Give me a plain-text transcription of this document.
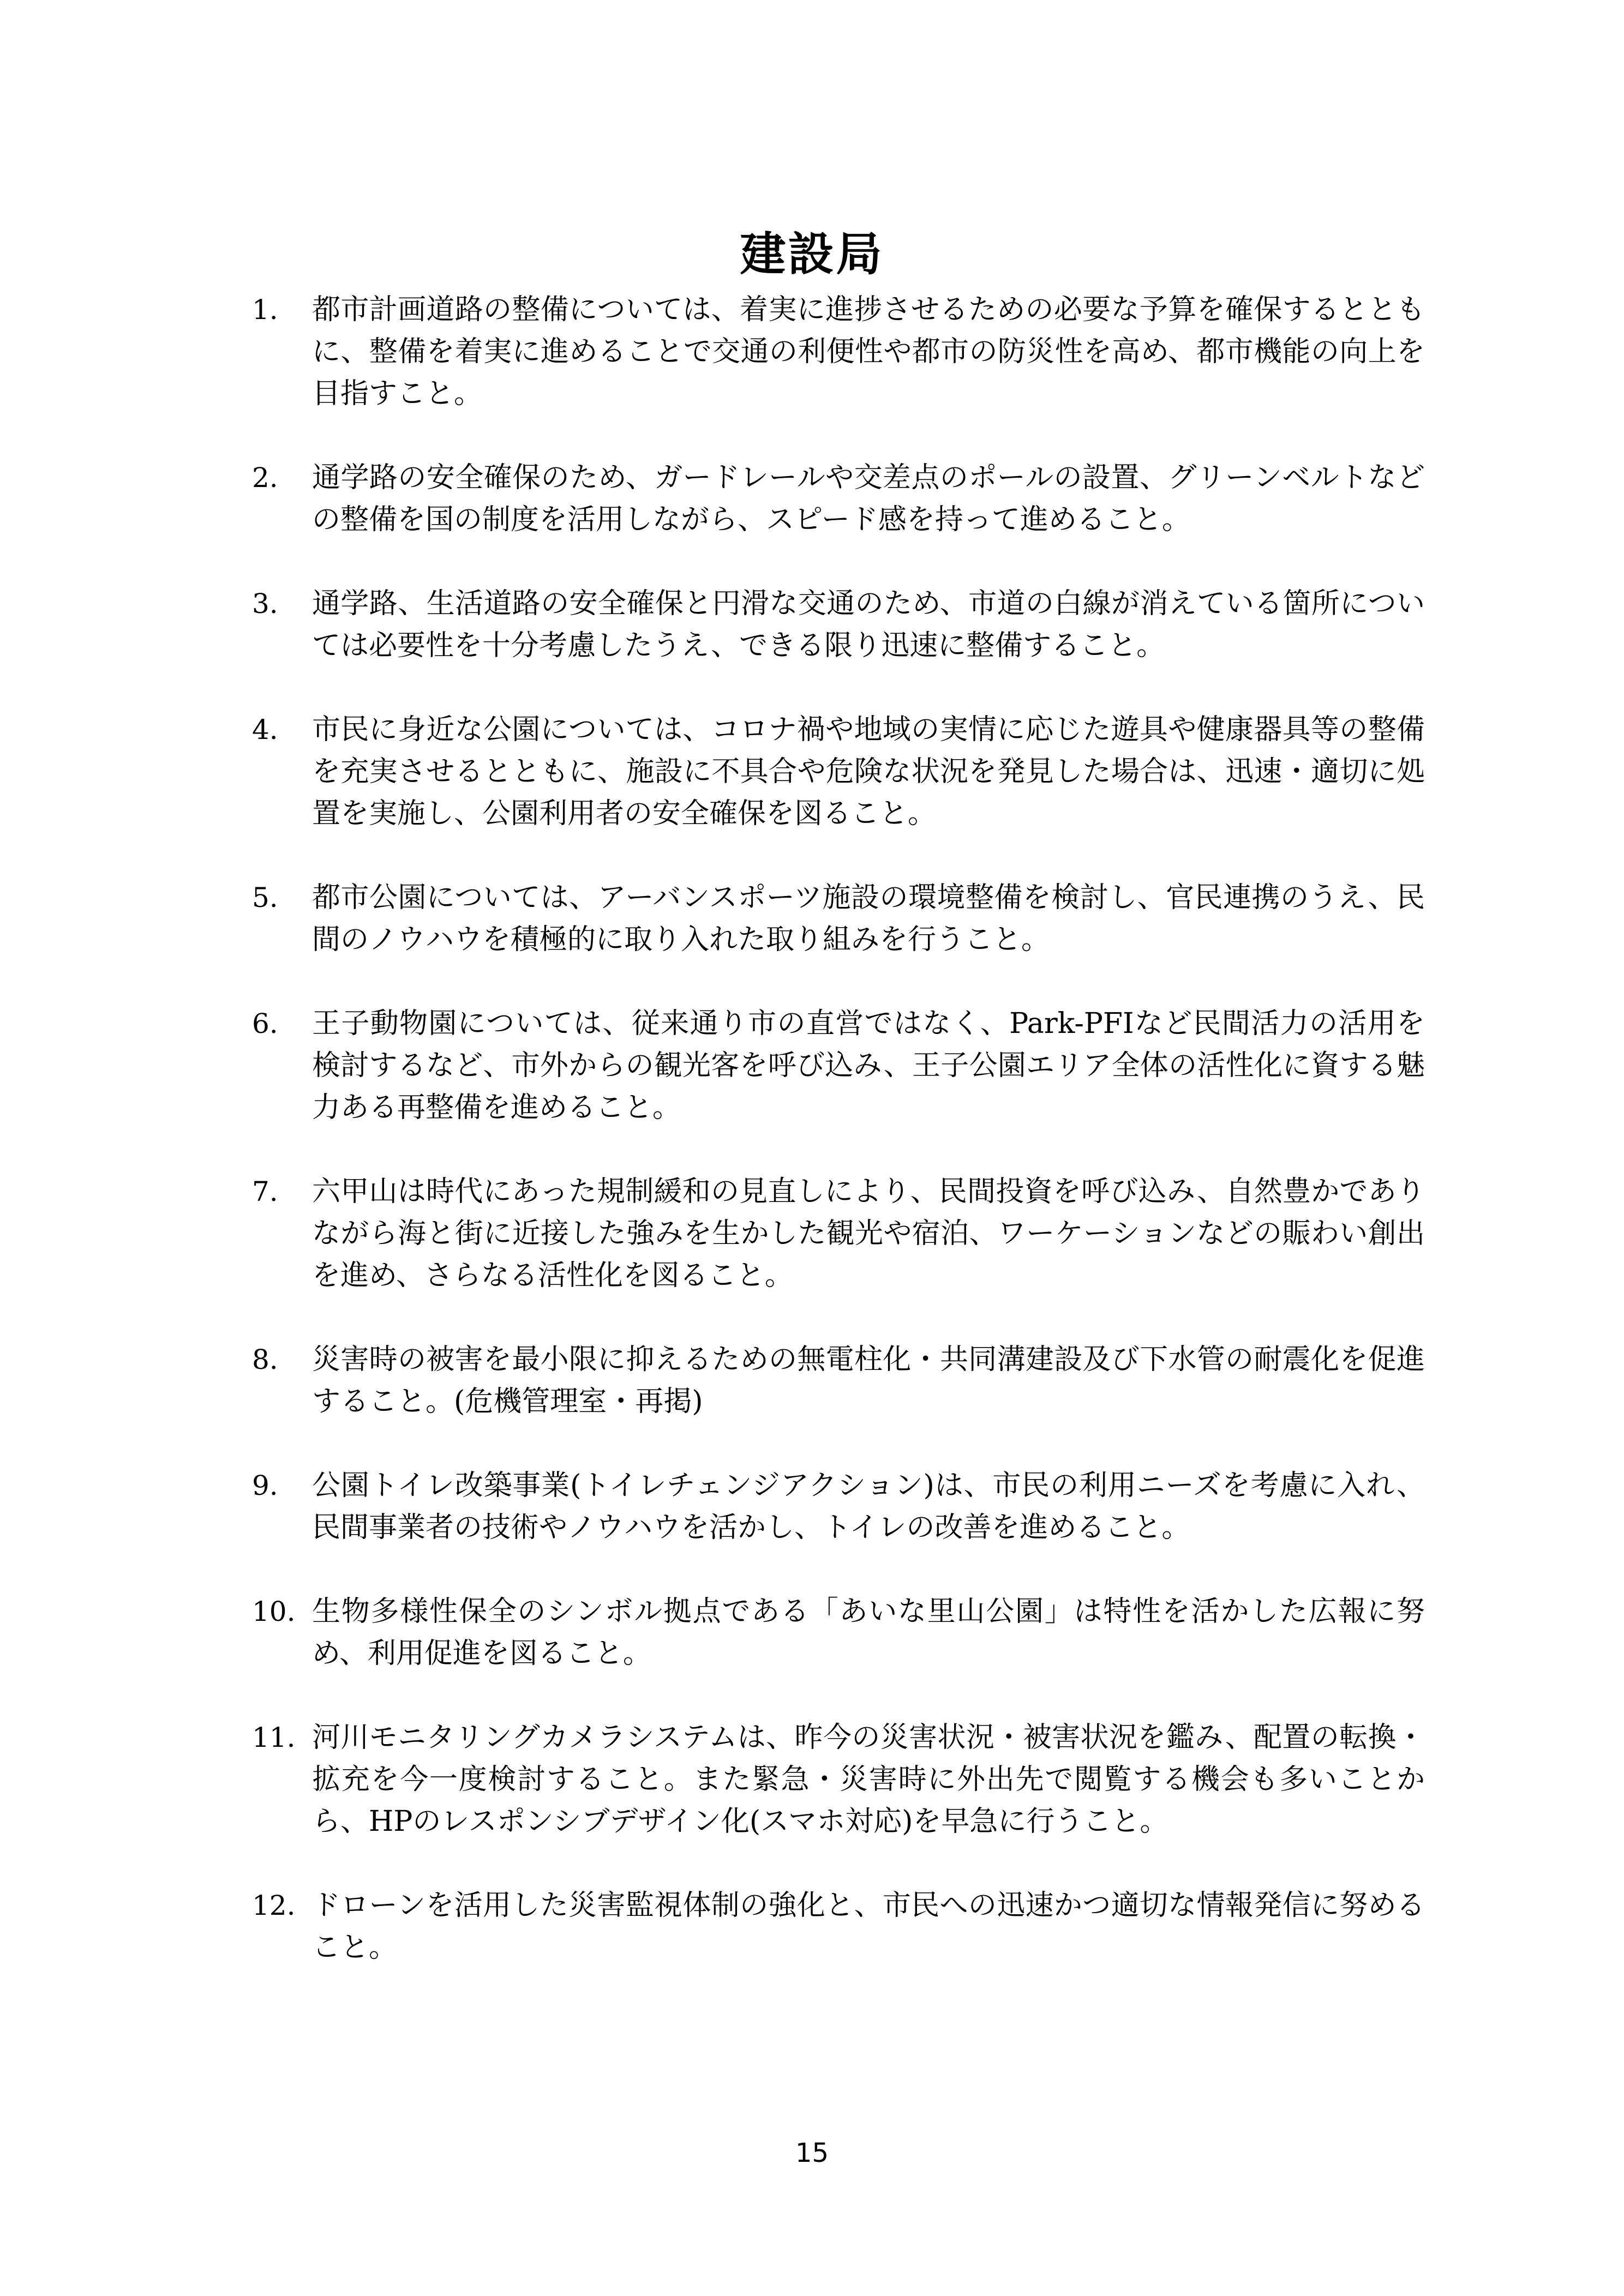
建設局
1.	都市計画道路の整備については、着実に進捗させるための必要な予算を確保するとともに、整備を着実に進めることで交通の利便性や都市の防災性を高め、都市機能の向上を目指すこと。
2.	通学路の安全確保のため、ガードレールや交差点のポールの設置、グリーンベルトなどの整備を国の制度を活用しながら、スピード感を持って進めること。
3.	通学路、生活道路の安全確保と円滑な交通のため、市道の白線が消えている箇所については必要性を十分考慮したうえ、できる限り迅速に整備すること。
4.	市民に身近な公園については、コロナ禍や地域の実情に応じた遊具や健康器具等の整備を充実させるとともに、施設に不具合や危険な状況を発見した場合は、迅速・適切に処置を実施し、公園利用者の安全確保を図ること。
5.	都市公園については、アーバンスポーツ施設の環境整備を検討し、官民連携のうえ、民間のノウハウを積極的に取り入れた取り組みを行うこと。
6.	王子動物園については、従来通り市の直営ではなく、Park-PFIなど民間活力の活用を検討するなど、市外からの観光客を呼び込み、王子公園エリア全体の活性化に資する魅力ある再整備を進めること。
7.	六甲山は時代にあった規制緩和の見直しにより、民間投資を呼び込み、自然豊かでありながら海と街に近接した強みを生かした観光や宿泊、ワーケーションなどの賑わい創出を進め、さらなる活性化を図ること。
8.	災害時の被害を最小限に抑えるための無電柱化・共同溝建設及び下水管の耐震化を促進すること。(危機管理室・再掲)
9.	公園トイレ改築事業(トイレチェンジアクション)は、市民の利用ニーズを考慮に入れ、民間事業者の技術やノウハウを活かし、トイレの改善を進めること。
10. 生物多様性保全のシンボル拠点である「あいな里山公園」は特性を活かした広報に努め、利用促進を図ること。
11. 河川モニタリングカメラシステムは、昨今の災害状況・被害状況を鑑み、配置の転換・拡充を今一度検討すること。また緊急・災害時に外出先で閲覧する機会も多いことから、HPのレスポンシブデザイン化(スマホ対応)を早急に行うこと。
12. ドローンを活用した災害監視体制の強化と、市民への迅速かつ適切な情報発信に努めること。
15
